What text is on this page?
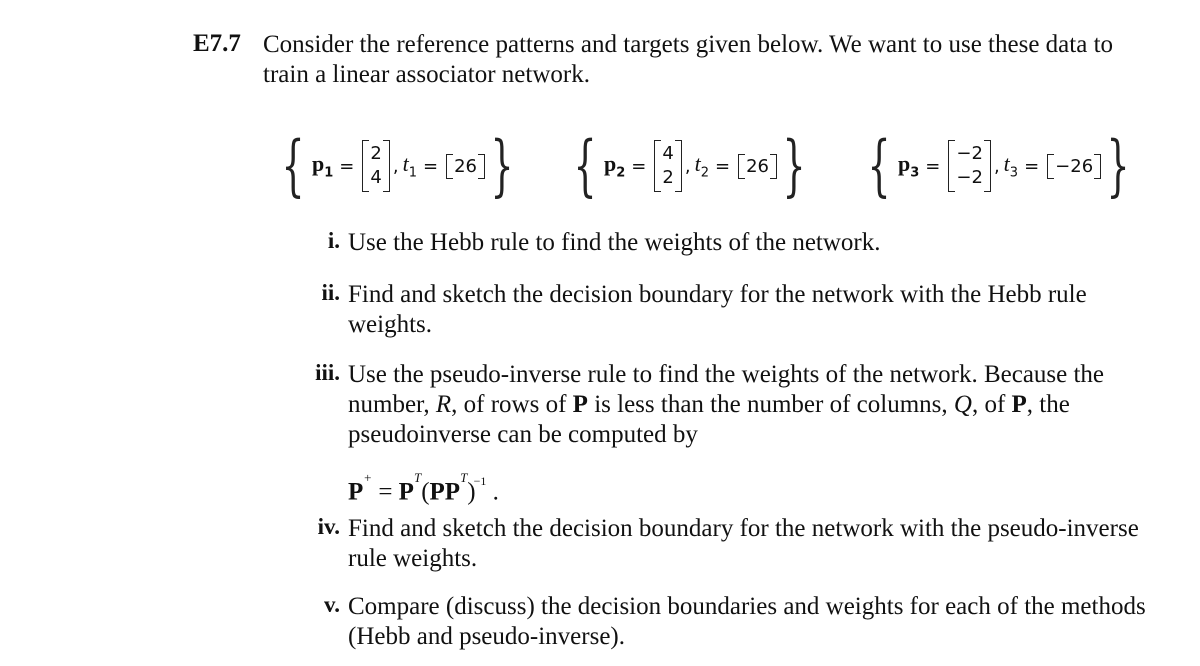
E7.7 Consider the reference patterns and targets given below. We want to use these data to train a linear associator network.
{ $p_1$ =
2
4
, $t_1 = 26$ } { $p_2$ =
4
2
, $t_2 = 26$ } { $p_3$ =
−2
−2
, $t_3 = -26$ }
i. Use the Hebb rule to find the weights of the network.
ii. Find and sketch the decision boundary for the network with the Hebb rule weights.
iii. Use the pseudo-inverse rule to find the weights of the network. Because the number, R, of rows of P is less than the number of columns, Q, of P, the pseudoinverse can be computed by
$P^+ = P^T(PP^T)^{-1}$ .
iv. Find and sketch the decision boundary for the network with the pseudo-inverse rule weights.
v. Compare (discuss) the decision boundaries and weights for each of the methods (Hebb and pseudo-inverse).
